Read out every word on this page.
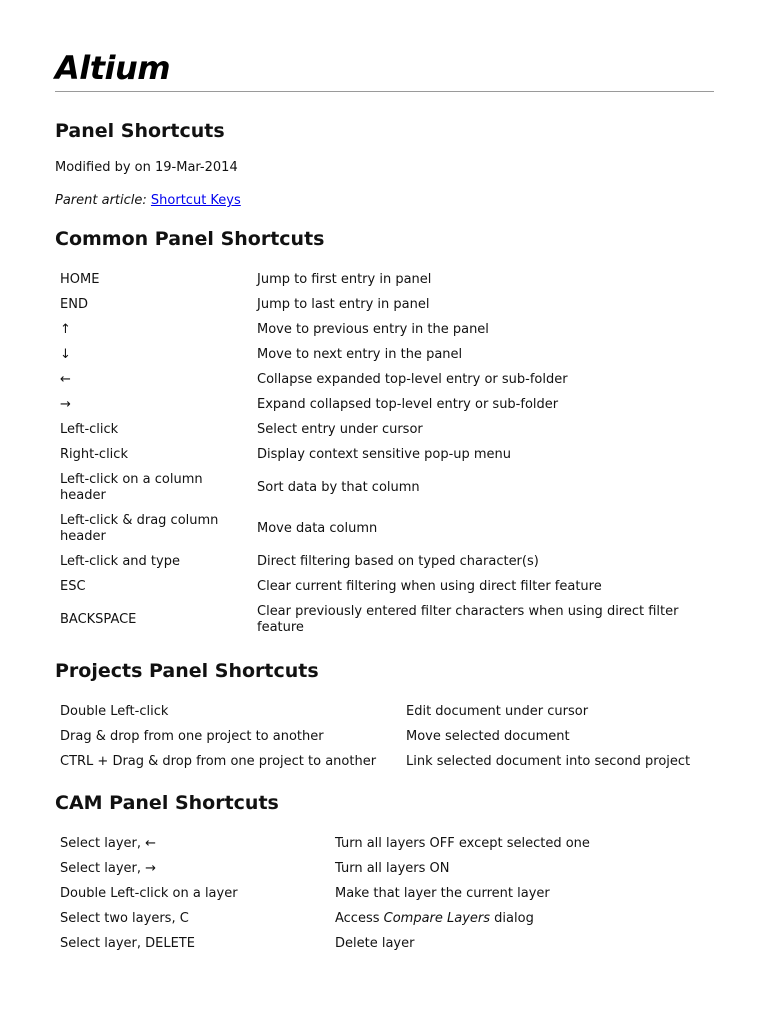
Altium
Panel Shortcuts
Modified by on 19-Mar-2014
Parent article: Shortcut Keys
Common Panel Shortcuts
HOME	Jump to first entry in panel
END	Jump to last entry in panel
↑	Move to previous entry in the panel
↓	Move to next entry in the panel
←	Collapse expanded top-level entry or sub-folder
→	Expand collapsed top-level entry or sub-folder
Left-click	Select entry under cursor
Right-click	Display context sensitive pop-up menu
Left-click on a column header	Sort data by that column
Left-click & drag column header	Move data column
Left-click and type	Direct filtering based on typed character(s)
ESC	Clear current filtering when using direct filter feature
BACKSPACE	Clear previously entered filter characters when using direct filter feature
Projects Panel Shortcuts
Double Left-click	Edit document under cursor
Drag & drop from one project to another	Move selected document
CTRL + Drag & drop from one project to another	Link selected document into second project
CAM Panel Shortcuts
Select layer, ←	Turn all layers OFF except selected one
Select layer, →	Turn all layers ON
Double Left-click on a layer	Make that layer the current layer
Select two layers, C	Access Compare Layers dialog
Select layer, DELETE	Delete layer
